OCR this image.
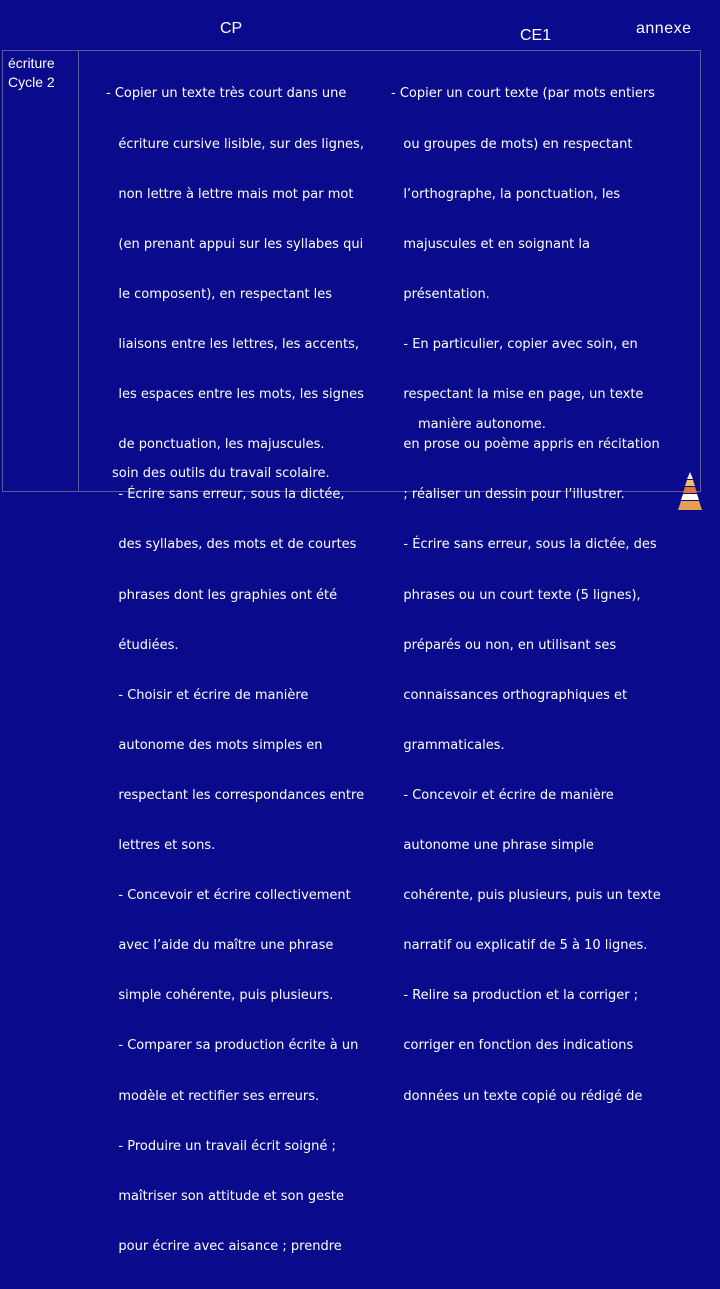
CP	CE1	annexe
écriture
Cycle 2

- Copier un texte très court dans une

écriture cursive lisible, sur des lignes,

non lettre à lettre mais mot par mot

(en prenant appui sur les syllabes qui

le composent), en respectant les

liaisons entre les lettres, les accents,

les espaces entre les mots, les signes

de ponctuation, les majuscules.

- Écrire sans erreur, sous la dictée,

des syllabes, des mots et de courtes

phrases dont les graphies ont été

étudiées.

- Choisir et écrire de manière

autonome des mots simples en

respectant les correspondances entre

lettres et sons.

- Concevoir et écrire collectivement

avec l’aide du maître une phrase

simple cohérente, puis plusieurs.

- Comparer sa production écrite à un

modèle et rectifier ses erreurs.

- Produire un travail écrit soigné ;

maîtriser son attitude et son geste

pour écrire avec aisance ; prendre

soin des outils du travail scolaire.

- Copier un court texte (par mots entiers

ou groupes de mots) en respectant

l’orthographe, la ponctuation, les

majuscules et en soignant la

présentation.

- En particulier, copier avec soin, en

respectant la mise en page, un texte

en prose ou poème appris en récitation

; réaliser un dessin pour l’illustrer.

- Écrire sans erreur, sous la dictée, des

phrases ou un court texte (5 lignes),

préparés ou non, en utilisant ses

connaissances orthographiques et

grammaticales.

- Concevoir et écrire de manière

autonome une phrase simple

cohérente, puis plusieurs, puis un texte

narratif ou explicatif de 5 à 10 lignes.

- Relire sa production et la corriger ;

corriger en fonction des indications

données un texte copié ou rédigé de

manière autonome.
